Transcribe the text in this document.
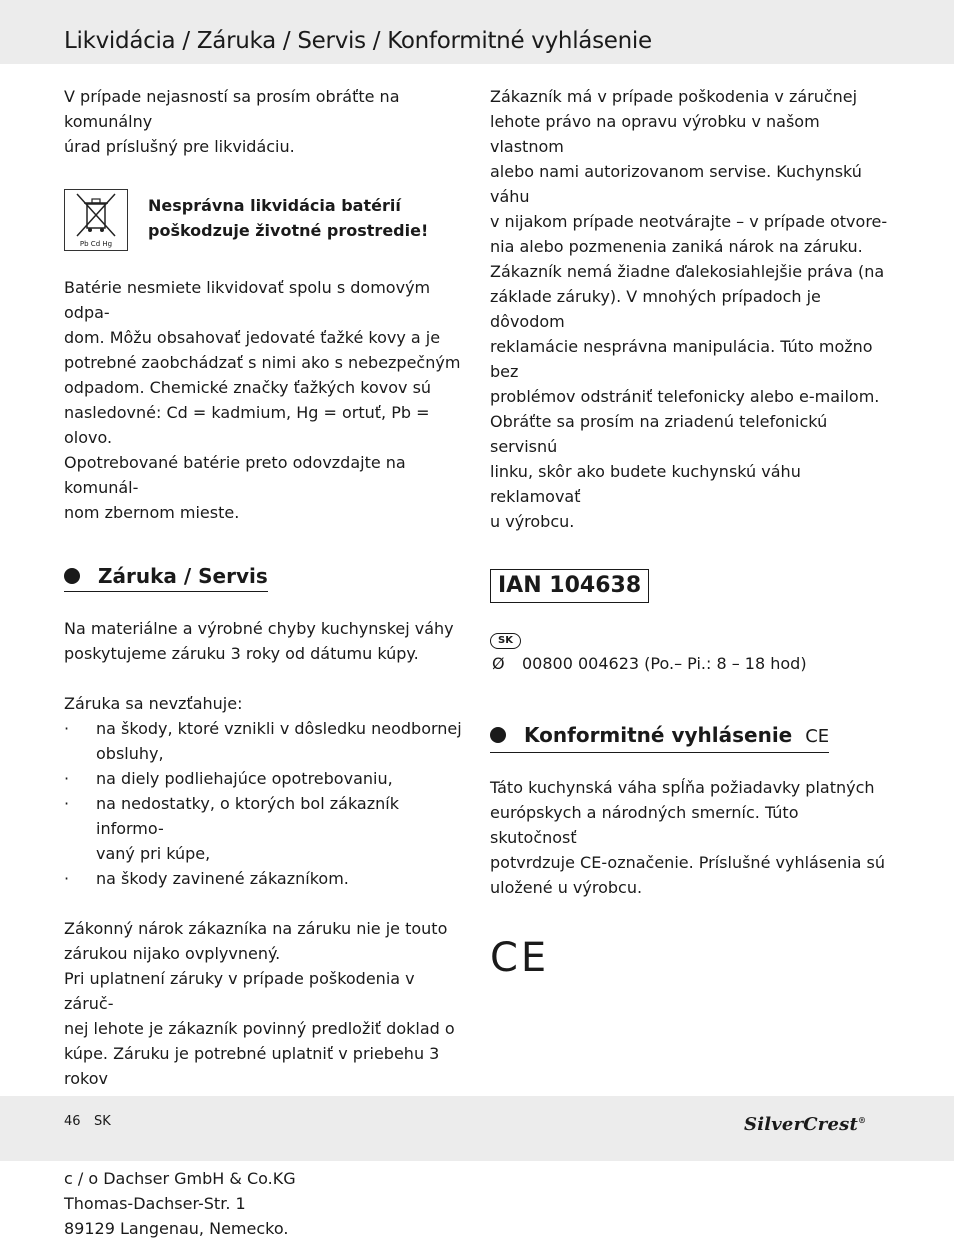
Likvidácia / Záruka / Servis / Konformitné vyhlásenie

V prípade nejasností sa prosím obráťte na komunálny
úrad príslušný pre likvidáciu.

Pb Cd Hg
Nesprávna likvidácia batérií
poškodzuje životné prostredie!

Batérie nesmiete likvidovať spolu s domovým odpa-
dom. Môžu obsahovať jedovaté ťažké kovy a je
potrebné zaobchádzať s nimi ako s nebezpečným
odpadom. Chemické značky ťažkých kovov sú
nasledovné: Cd = kadmium, Hg = ortuť, Pb = olovo.
Opotrebované batérie preto odovzdajte na komunál-
nom zbernom mieste.

Záruka / Servis

Na materiálne a výrobné chyby kuchynskej váhy
poskytujeme záruku 3 roky od dátumu kúpy.

Záruka sa nevzťahuje:

· na škody, ktoré vznikli v dôsledku neodbornej
obsluhy,
· na diely podliehajúce opotrebovaniu,
· na nedostatky, o ktorých bol zákazník informo-
vaný pri kúpe,
· na škody zavinené zákazníkom.

Zákonný nárok zákazníka na záruku nie je touto
zárukou nijako ovplyvnený.
Pri uplatnení záruky v prípade poškodenia v záruč-
nej lehote je zákazník povinný predložiť doklad o
kúpe. Záruku je potrebné uplatniť v priebehu 3 rokov

c / o Dachser GmbH & Co.KG
Thomas-Dachser-Str. 1
89129 Langenau, Nemecko.

Zákazník má v prípade poškodenia v záručnej
lehote právo na opravu výrobku v našom vlastnom
alebo nami autorizovanom servise. Kuchynskú váhu
v nijakom prípade neotvárajte – v prípade otvore-
nia alebo pozmenenia zaniká nárok na záruku.
Zákazník nemá žiadne ďalekosiahlejšie práva (na
základe záruky). V mnohých prípadoch je dôvodom
reklamácie nesprávna manipulácia. Túto možno bez
problémov odstrániť telefonicky alebo e-mailom.
Obráťte sa prosím na zriadenú telefonickú servisnú
linku, skôr ako budete kuchynskú váhu reklamovať
u výrobcu.

IAN 104638
SK
Ø 00800 004623 (Po.– Pi.: 8 – 18 hod)
Konformitné vyhlásenie CE

Táto kuchynská váha spĺňa požiadavky platných
európskych a národných smerníc. Túto skutočnosť
potvrdzuje CE-označenie. Príslušné vyhlásenia sú
uložené u výrobcu.

CE
46 SK	SilverCrest®
